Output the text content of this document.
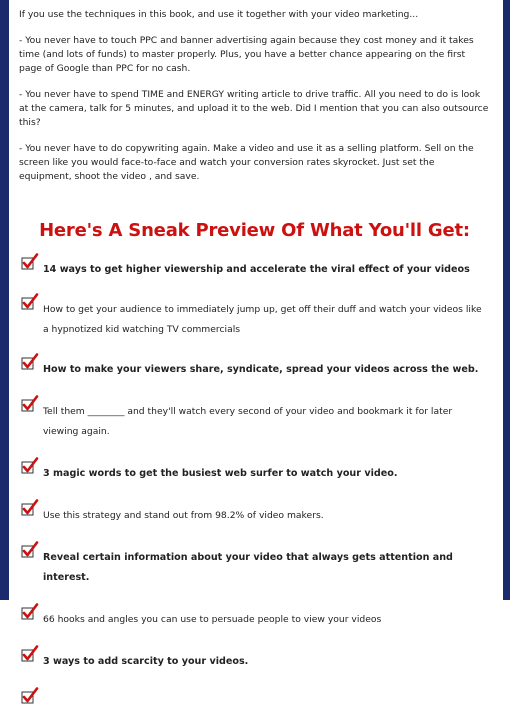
If you use the techniques in this book, and use it together with your video marketing...

- You never have to touch PPC and banner advertising again because they cost money and it takes time (and lots of funds) to master properly. Plus, you have a better chance appearing on the first page of Google than PPC for no cash.

- You never have to spend TIME and ENERGY writing article to drive traffic. All you need to do is look at the camera, talk for 5 minutes, and upload it to the web. Did I mention that you can also outsource this?

- You never have to do copywriting again. Make a video and use it as a selling platform. Sell on the screen like you would face-to-face and watch your conversion rates skyrocket. Just set the equipment, shoot the video , and save.

Here's A Sneak Preview Of What You'll Get:
14 ways to get higher viewership and accelerate the viral effect of your videos
How to get your audience to immediately jump up, get off their duff and watch your videos like a hypnotized kid watching TV commercials
How to make your viewers share, syndicate, spread your videos across the web.
Tell them ________ and they'll watch every second of your video and bookmark it for later viewing again.
3 magic words to get the busiest web surfer to watch your video.
Use this strategy and stand out from 98.2% of video makers.
Reveal certain information about your video that always gets attention and interest.
66 hooks and angles you can use to persuade people to view your videos
3 ways to add scarcity to your videos.
